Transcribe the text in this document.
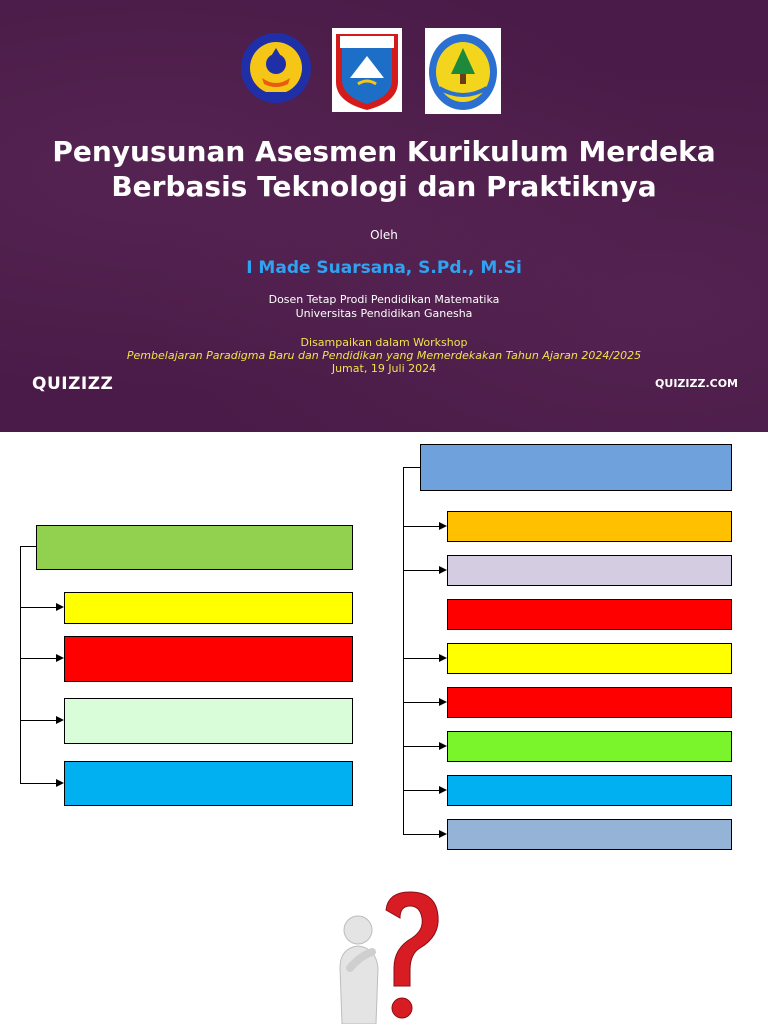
Penyusunan Asesmen Kurikulum Merdeka
Berbasis Teknologi dan Praktiknya
Oleh
I Made Suarsana, S.Pd., M.Si
Dosen Tetap Prodi Pendidikan Matematika
Universitas Pendidikan Ganesha
Disampaikan dalam Workshop
Pembelajaran Paradigma Baru dan Pendidikan yang Memerdekakan Tahun Ajaran 2024/2025
Jumat, 19 Juli 2024
QUIZIZZ	QUIZIZZ.COM
